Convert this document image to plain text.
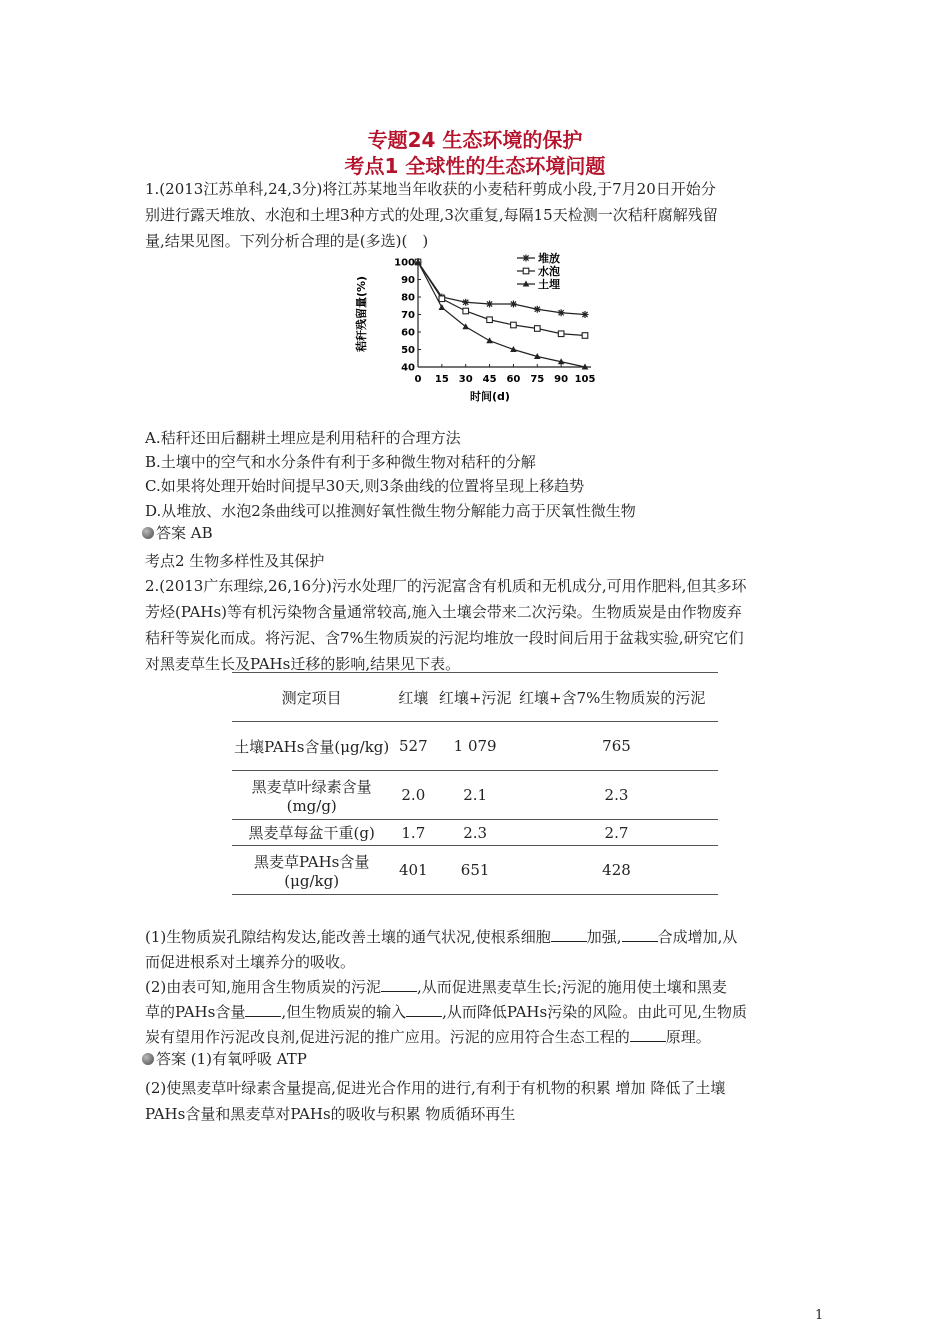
专题24 生态环境的保护
考点1 全球性的生态环境问题
1.(2013江苏单科,24,3分)将江苏某地当年收获的小麦秸秆剪成小段,于7月20日开始分
别进行露天堆放、水泡和土埋3种方式的处理,3次重复,每隔15天检测一次秸秆腐解残留
量,结果见图。下列分析合理的是(多选)(　)
40
50
60
70
80
90
100
0 15 30 45 60 75 90 105
堆放
水泡
土埋
秸秆残留量(%)
时间(d)
A.秸秆还田后翻耕土埋应是利用秸秆的合理方法
B.土壤中的空气和水分条件有利于多种微生物对秸秆的分解
C.如果将处理开始时间提早30天,则3条曲线的位置将呈现上移趋势
D.从堆放、水泡2条曲线可以推测好氧性微生物分解能力高于厌氧性微生物
答案 AB
考点2 生物多样性及其保护
2.(2013广东理综,26,16分)污水处理厂的污泥富含有机质和无机成分,可用作肥料,但其多环
芳烃(PAHs)等有机污染物含量通常较高,施入土壤会带来二次污染。生物质炭是由作物废弃
秸秆等炭化而成。将污泥、含7%生物质炭的污泥均堆放一段时间后用于盆栽实验,研究它们
对黑麦草生长及PAHs迁移的影响,结果见下表。
测定项目	红壤	红壤+污泥	红壤+含7%生物质炭的污泥
土壤PAHs含量(μg/kg)	527	1 079	765
黑麦草叶绿素含量(mg/g)	2.0	2.1	2.3
黑麦草每盆干重(g)	1.7	2.3	2.7
黑麦草PAHs含量(μg/kg)	401	651	428
(1)生物质炭孔隙结构发达,能改善土壤的通气状况,使根系细胞 加强, 合成增加,从
而促进根系对土壤养分的吸收。
(2)由表可知,施用含生物质炭的污泥 ,从而促进黑麦草生长;污泥的施用使土壤和黑麦
草的PAHs含量 ,但生物质炭的输入 ,从而降低PAHs污染的风险。由此可见,生物质
炭有望用作污泥改良剂,促进污泥的推广应用。污泥的应用符合生态工程的 原理。
答案 (1)有氧呼吸 ATP
(2)使黑麦草叶绿素含量提高,促进光合作用的进行,有利于有机物的积累 增加 降低了土壤
PAHs含量和黑麦草对PAHs的吸收与积累 物质循环再生
1
